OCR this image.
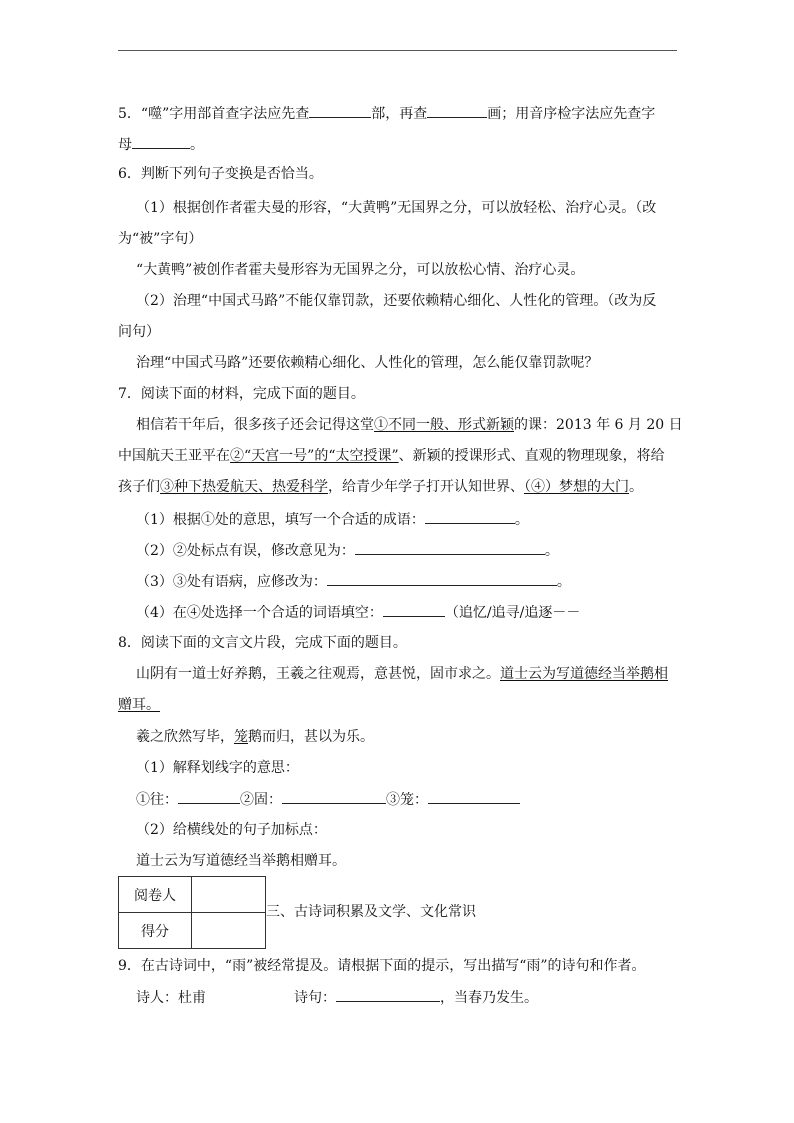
5．“噬”字用部首查字法应先查	部，再查	画；用音序检字法应先查字
母	。
6．判断下列句子变换是否恰当。
（1）根据创作者霍夫曼的形容，“大黄鸭”无国界之分，可以放轻松、治疗心灵。（改
为“被”字句）
“大黄鸭”被创作者霍夫曼形容为无国界之分，可以放松心情、治疗心灵。
（2）治理“中国式马路”不能仅靠罚款，还要依赖精心细化、人性化的管理。（改为反
问句）
治理“中国式马路”还要依赖精心细化、人性化的管理，怎么能仅靠罚款呢？
7．阅读下面的材料，完成下面的题目。
相信若干年后，很多孩子还会记得这堂①不同一般、形式新颖的课：2013 年 6 月 20 日
中国航天王亚平在②“天宫一号”的“太空授课”、新颖的授课形式、直观的物理现象，将给
孩子们③种下热爱航天、热爱科学，给青少年学子打开认知世界、（④）梦想的大门。
（1）根据①处的意思，填写一个合适的成语：	。
（2）②处标点有误，修改意见为：	。
（3）③处有语病，应修改为：	。
（4）在④处选择一个合适的词语填空：	（追忆/追寻/追逐－－
8．阅读下面的文言文片段，完成下面的题目。
山阴有一道士好养鹅，王羲之往观焉，意甚悦，固市求之。道士云为写道德经当举鹅相
赠耳。
羲之欣然写毕，笼鹅而归，甚以为乐。
（1）解释划线字的意思：
①往：	②固：	③笼：
（2）给横线处的句子加标点：
道士云为写道德经当举鹅相赠耳。
阅卷人	
得分	
三、古诗词积累及文学、文化常识
9．在古诗词中，“雨”被经常提及。请根据下面的提示，写出描写“雨”的诗句和作者。
诗人：杜甫	诗句：	，当春乃发生。
